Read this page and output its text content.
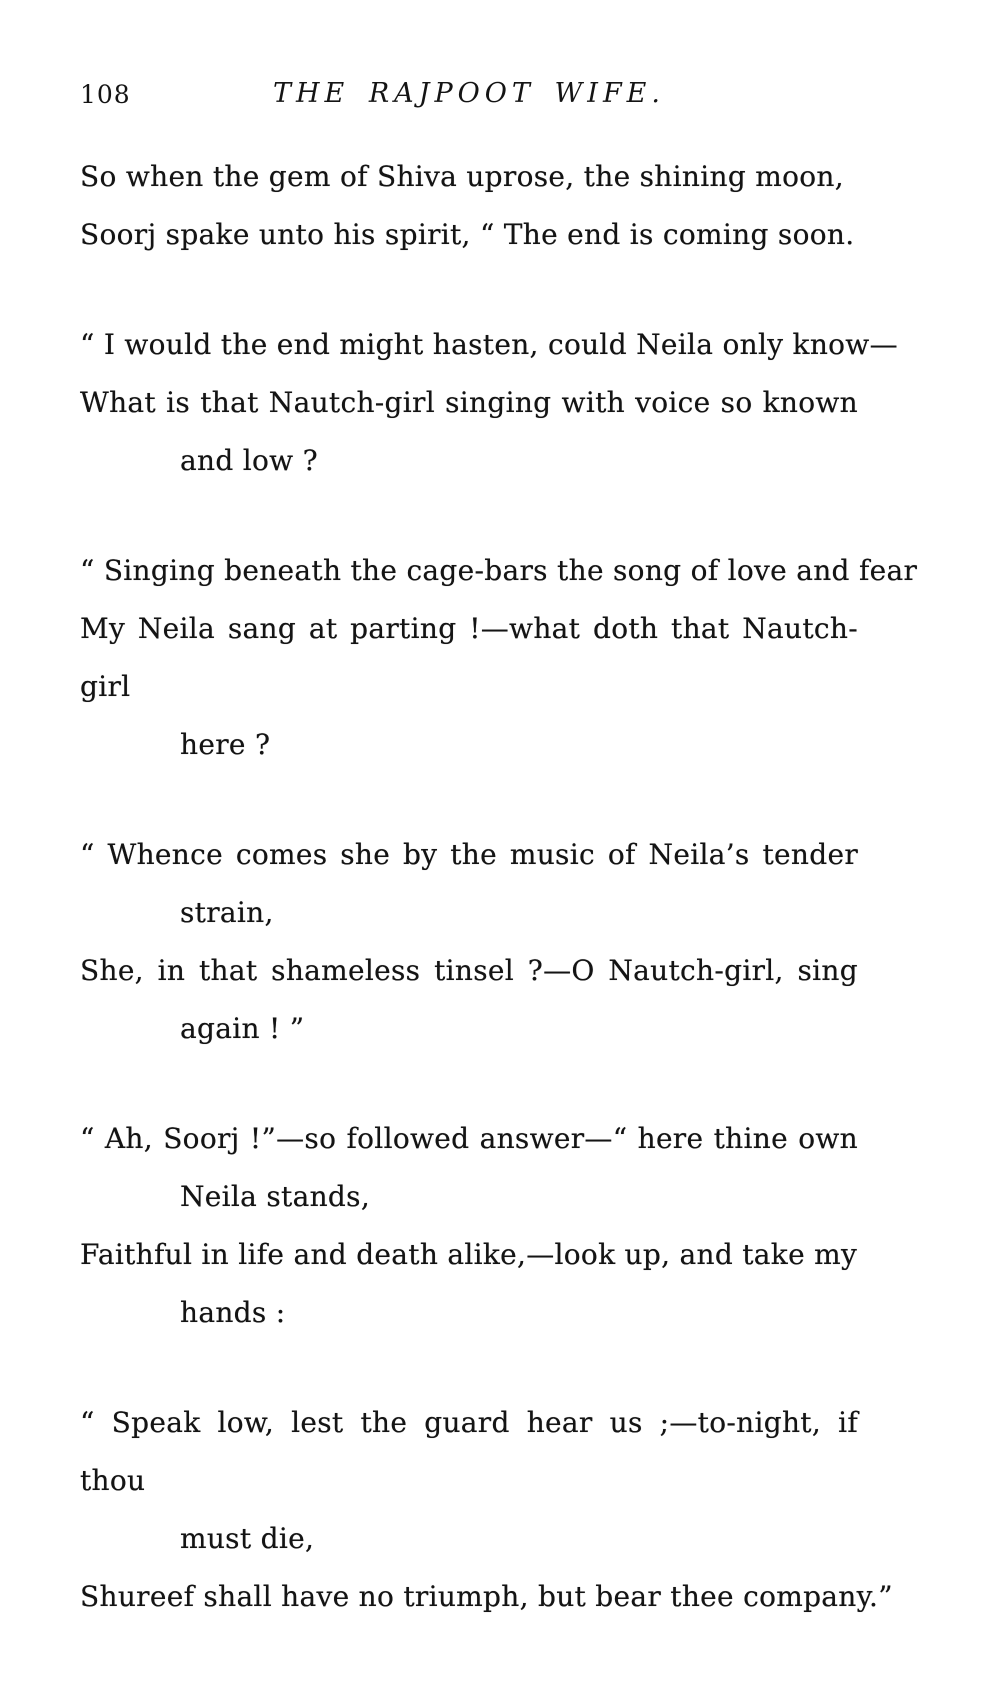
108	THE RAJPOOT WIFE.
So when the gem of Shiva uprose, the shining moon,
Soorj spake unto his spirit, “ The end is coming soon.
“ I would the end might hasten, could Neila only know—
What is that Nautch-girl singing with voice so known
and low ?
“ Singing beneath the cage-bars the song of love and fear
My Neila sang at parting !—what doth that Nautch-girl
here ?
“ Whence comes she by the music of Neila’s tender
strain,
She, in that shameless tinsel ?—O Nautch-girl, sing
again ! ”
“ Ah, Soorj !”—so followed answer—“ here thine own
Neila stands,
Faithful in life and death alike,—look up, and take my
hands :
“ Speak low, lest the guard hear us ;—to-night, if thou
must die,
Shureef shall have no triumph, but bear thee company.”
